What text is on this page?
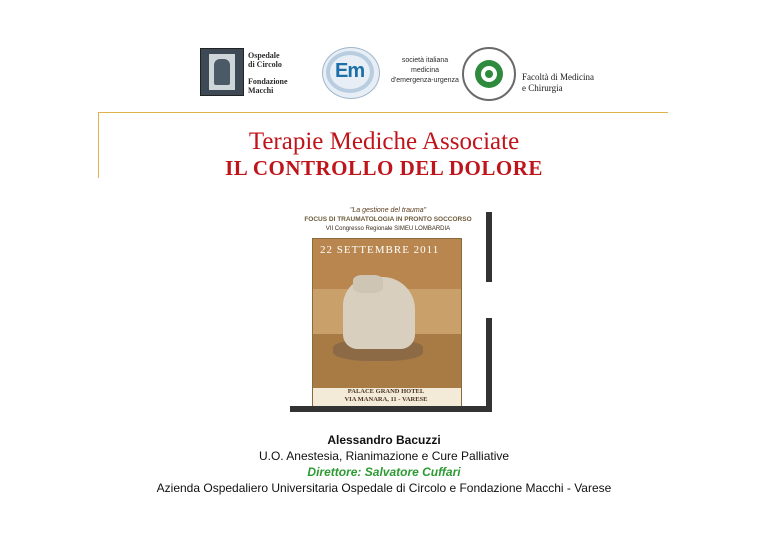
Ospedale
di Circolo
Fondazione
Macchi
Em	società italiana
medicina
d'emergenza-urgenza	Facoltà di Medicina
e Chirurgia
Terapie Mediche Associate
IL CONTROLLO DEL DOLORE
"La gestione del trauma"
FOCUS DI TRAUMATOLOGIA IN PRONTO SOCCORSO
VII Congresso Regionale SIMEU LOMBARDIA
22 SETTEMBRE 2011
PALACE GRAND HOTEL
VIA MANARA, 11 - VARESE
Alessandro Bacuzzi
U.O. Anestesia, Rianimazione e Cure Palliative
Direttore: Salvatore Cuffari
Azienda Ospedaliero Universitaria Ospedale di Circolo e Fondazione Macchi - Varese
